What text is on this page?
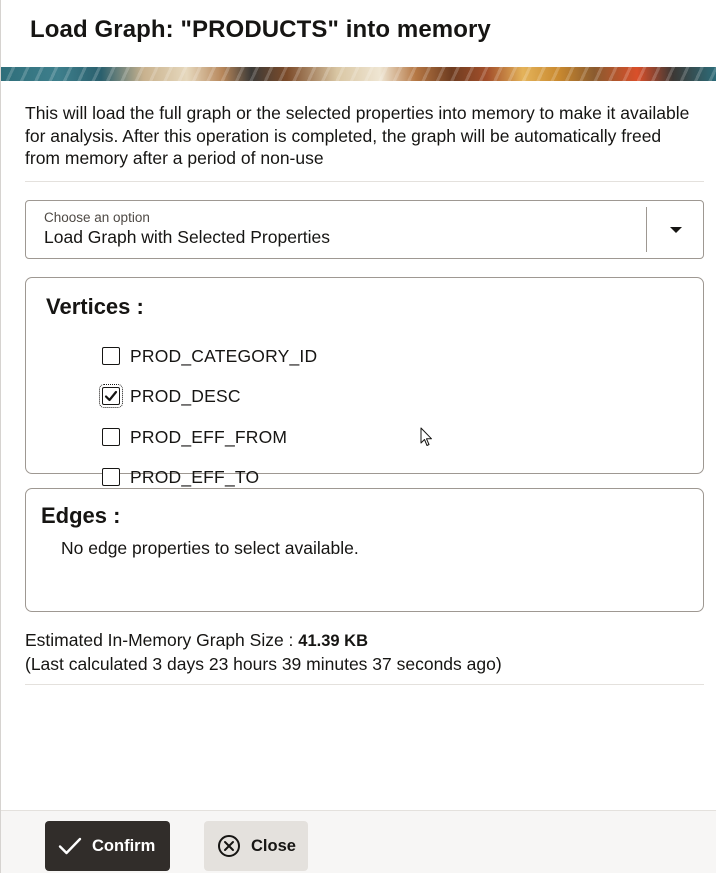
Load Graph: "PRODUCTS" into memory
This will load the full graph or the selected properties into memory to make it available for analysis. After this operation is completed, the graph will be automatically freed from memory after a period of non-use
Choose an option
Load Graph with Selected Properties
Vertices :
PROD_CATEGORY_ID
PROD_DESC
PROD_EFF_FROM
PROD_EFF_TO
Edges :
No edge properties to select available.
Estimated In-Memory Graph Size : 41.39 KB
(Last calculated 3 days 23 hours 39 minutes 37 seconds ago)
Confirm	Close
